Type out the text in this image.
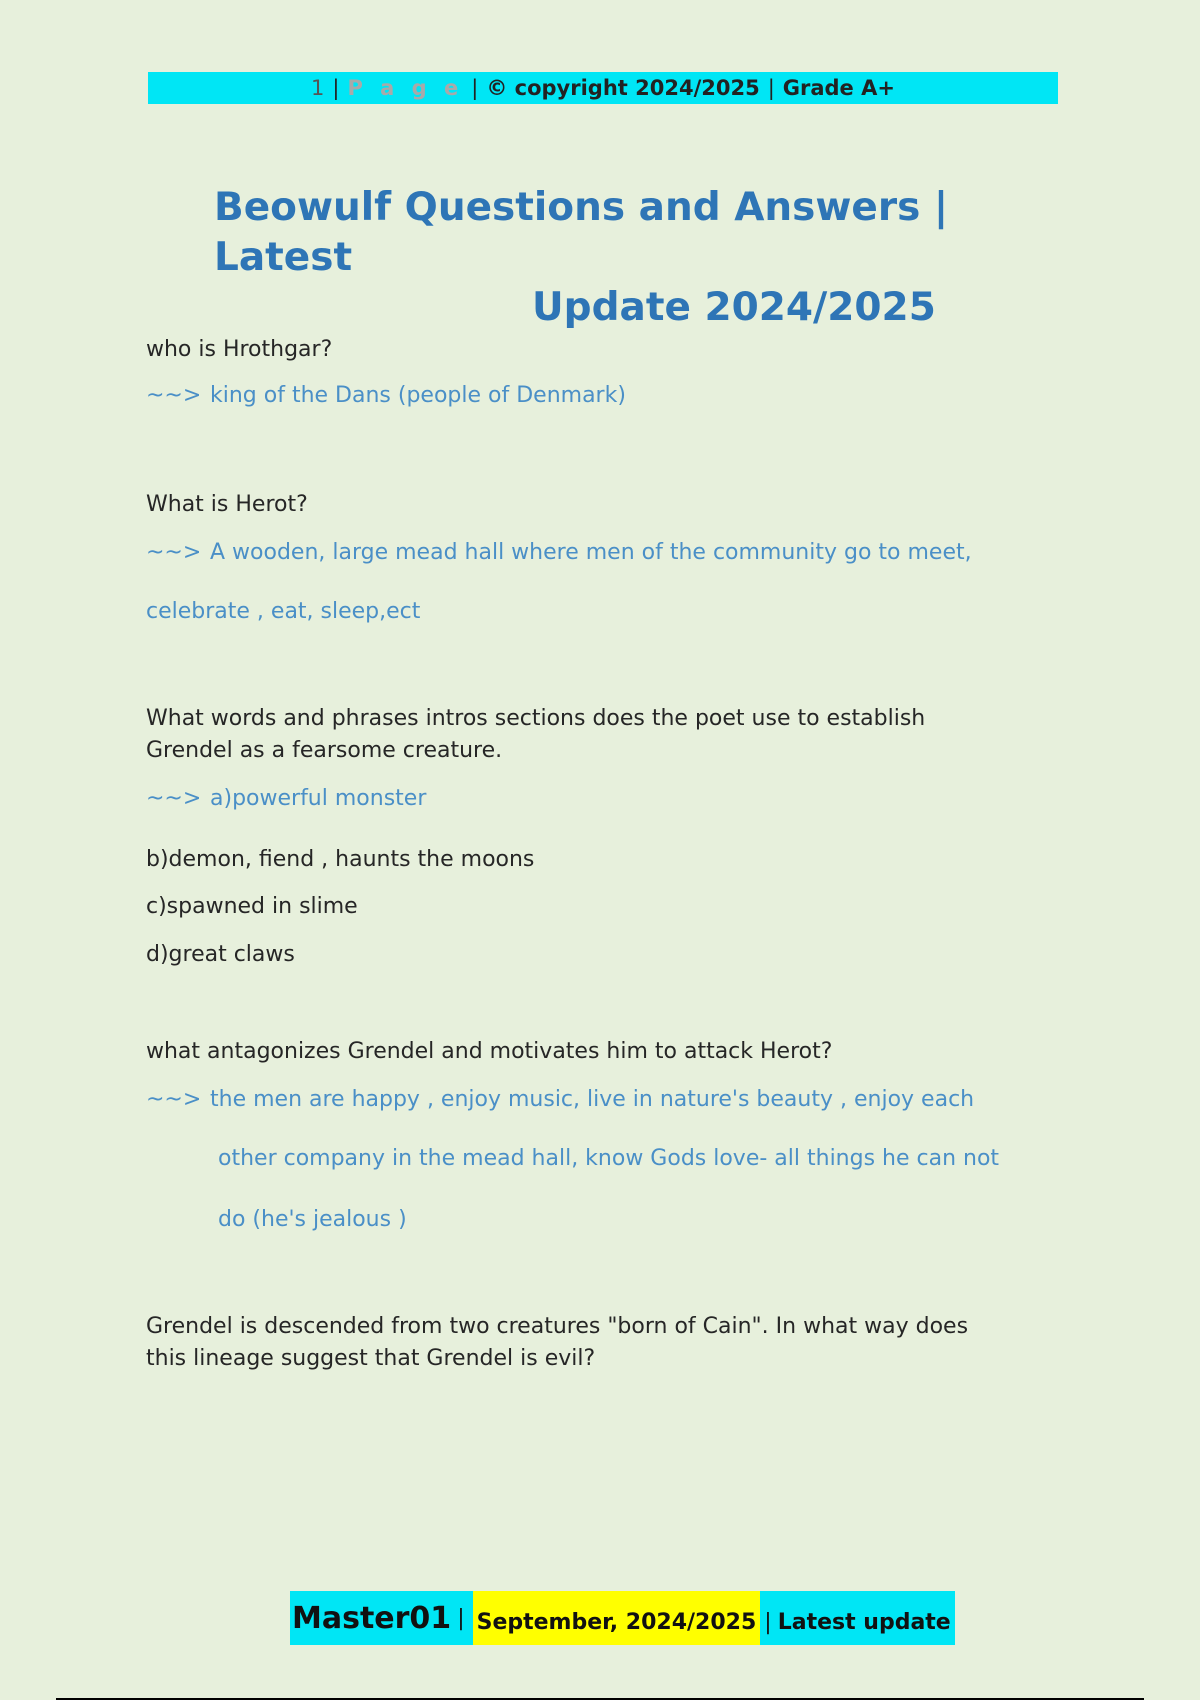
1 | P a g e | © copyright 2024/2025 | Grade A+
Beowulf Questions and Answers | Latest
Update 2024/2025
who is Hrothgar?
~~> king of the Dans (people of Denmark)
What is Herot?
~~> A wooden, large mead hall where men of the community go to meet,
celebrate , eat, sleep,ect
What words and phrases intros sections does the poet use to establish
Grendel as a fearsome creature.
~~> a)powerful monster
b)demon, fiend , haunts the moons
c)spawned in slime
d)great claws
what antagonizes Grendel and motivates him to attack Herot?
~~> the men are happy , enjoy music, live in nature's beauty , enjoy each
other company in the mead hall, know Gods love- all things he can not
do (he's jealous )
Grendel is descended from two creatures "born of Cain". In what way does
this lineage suggest that Grendel is evil?
Master01 | September, 2024/2025 | Latest update
